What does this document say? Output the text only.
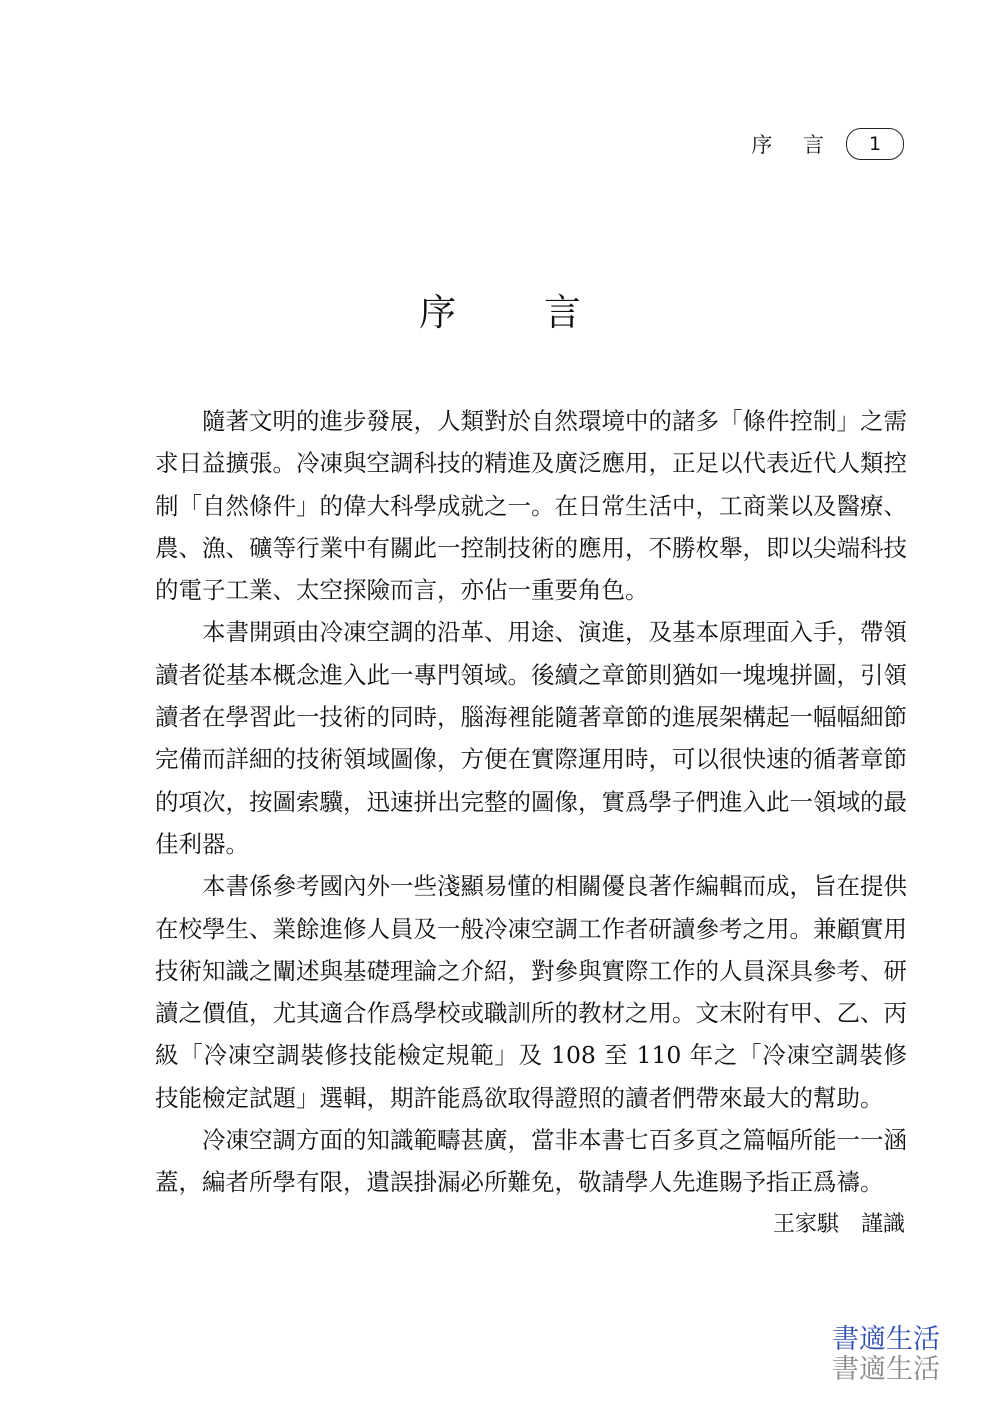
序 言	1
序 言

隨著文明的進步發展，人類對於自然環境中的諸多「條件控制」之需求日益擴張。冷凍與空調科技的精進及廣泛應用，正足以代表近代人類控制「自然條件」的偉大科學成就之一。在日常生活中，工商業以及醫療、農、漁、礦等行業中有關此一控制技術的應用，不勝枚舉，即以尖端科技的電子工業、太空探險而言，亦佔一重要角色。

本書開頭由冷凍空調的沿革、用途、演進，及基本原理面入手，帶領讀者從基本概念進入此一專門領域。後續之章節則猶如一塊塊拼圖，引領讀者在學習此一技術的同時，腦海裡能隨著章節的進展架構起一幅幅細節完備而詳細的技術領域圖像，方便在實際運用時，可以很快速的循著章節的項次，按圖索驥，迅速拼出完整的圖像，實爲學子們進入此一領域的最佳利器。

本書係參考國內外一些淺顯易懂的相關優良著作編輯而成，旨在提供在校學生、業餘進修人員及一般冷凍空調工作者研讀參考之用。兼顧實用技術知識之闡述與基礎理論之介紹，對參與實際工作的人員深具參考、研讀之價值，尤其適合作爲學校或職訓所的教材之用。文末附有甲、乙、丙級「冷凍空調裝修技能檢定規範」及 108 至 110 年之「冷凍空調裝修技能檢定試題」選輯，期許能爲欲取得證照的讀者們帶來最大的幫助。

冷凍空調方面的知識範疇甚廣，當非本書七百多頁之篇幅所能一一涵蓋，編者所學有限，遺誤掛漏必所難免，敬請學人先進賜予指正爲禱。

王家騏 謹識
書適生活
書適生活
